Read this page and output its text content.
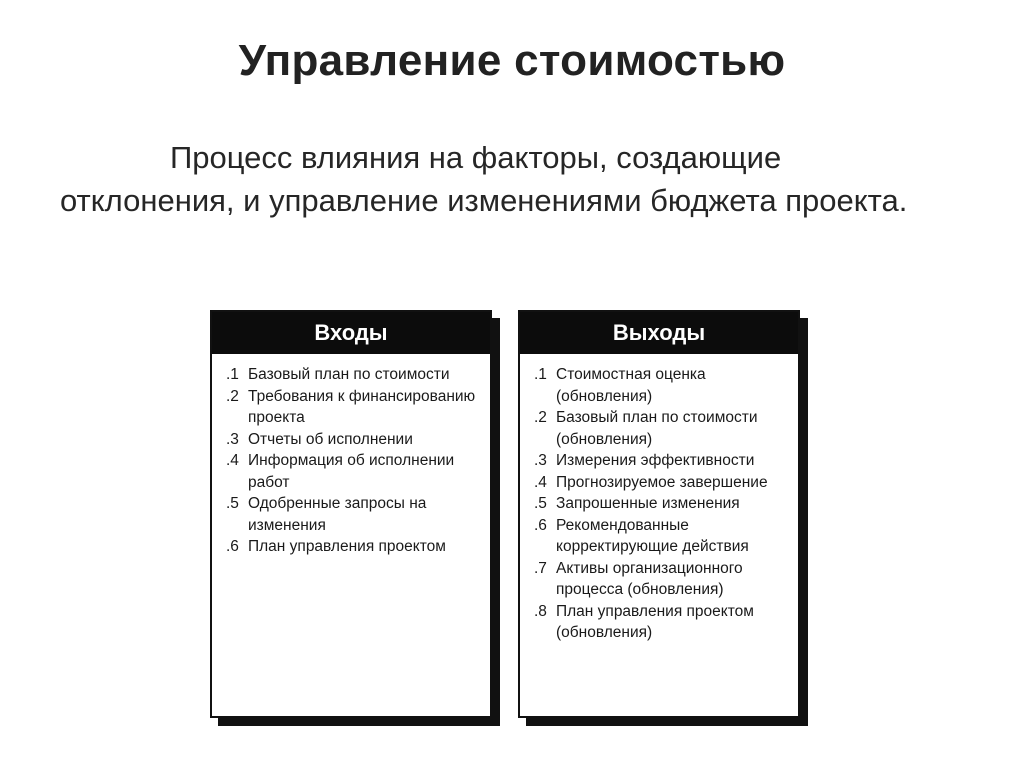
Управление стоимостью

Процесс влияния на факторы, создающие отклонения, и управление изменениями бюджета проекта.

Входы
.1 Базовый план по стоимости
.2 Требования к финансированию проекта
.3 Отчеты об исполнении
.4 Информация об исполнении работ
.5 Одобренные запросы на изменения
.6 План управления проектом
Выходы
.1 Стоимостная оценка (обновления)
.2 Базовый план по стоимости (обновления)
.3 Измерения эффективности
.4 Прогнозируемое завершение
.5 Запрошенные изменения
.6 Рекомендованные корректирующие действия
.7 Активы организационного процесса (обновления)
.8 План управления проектом (обновления)
